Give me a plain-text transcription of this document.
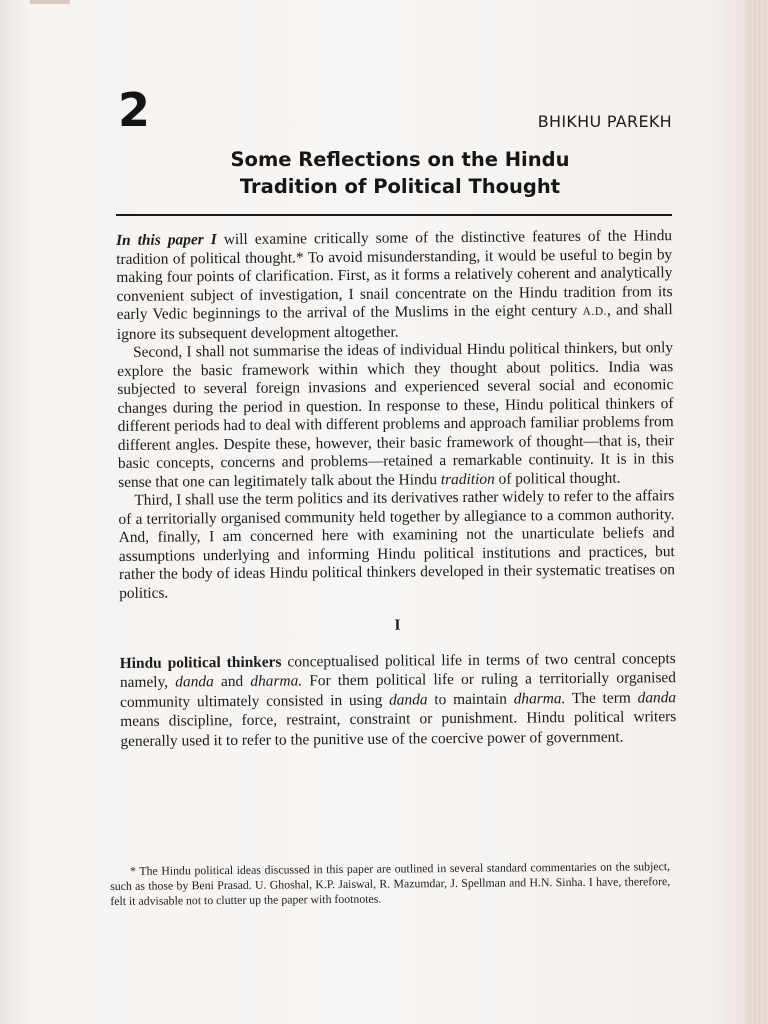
2	BHIKHU PAREKH
Some Reflections on the Hindu
Tradition of Political Thought

In this paper I will examine critically some of the distinctive features of the Hindu tradition of political thought.* To avoid misunderstanding, it would be useful to begin by making four points of clarification. First, as it forms a relatively coherent and analytically convenient subject of investigation, I snail concentrate on the Hindu tradition from its early Vedic beginnings to the arrival of the Muslims in the eight century A.D., and shall ignore its subsequent development altogether.

Second, I shall not summarise the ideas of individual Hindu political thinkers, but only explore the basic framework within which they thought about politics. India was subjected to several foreign invasions and experienced several social and economic changes during the period in question. In response to these, Hindu political thinkers of different periods had to deal with different problems and approach familiar problems from different angles. Despite these, however, their basic framework of thought—that is, their basic concepts, concerns and problems—retained a remarkable continuity. It is in this sense that one can legitimately talk about the Hindu tradition of political thought.

Third, I shall use the term politics and its derivatives rather widely to refer to the affairs of a territorially organised community held together by allegiance to a common authority. And, finally, I am concerned here with examining not the unarticulate beliefs and assumptions underlying and informing Hindu political institutions and practices, but rather the body of ideas Hindu political thinkers developed in their systematic treatises on politics.

I

Hindu political thinkers conceptualised political life in terms of two central concepts namely, danda and dharma. For them political life or ruling a territorially organised community ultimately consisted in using danda to maintain dharma. The term danda means discipline, force, restraint, constraint or punishment. Hindu political writers generally used it to refer to the punitive use of the coercive power of government.

* The Hindu political ideas discussed in this paper are outlined in several standard commentaries on the subject, such as those by Beni Prasad. U. Ghoshal, K.P. Jaiswal, R. Mazumdar, J. Spellman and H.N. Sinha. I have, therefore, felt it advisable not to clutter up the paper with footnotes.
